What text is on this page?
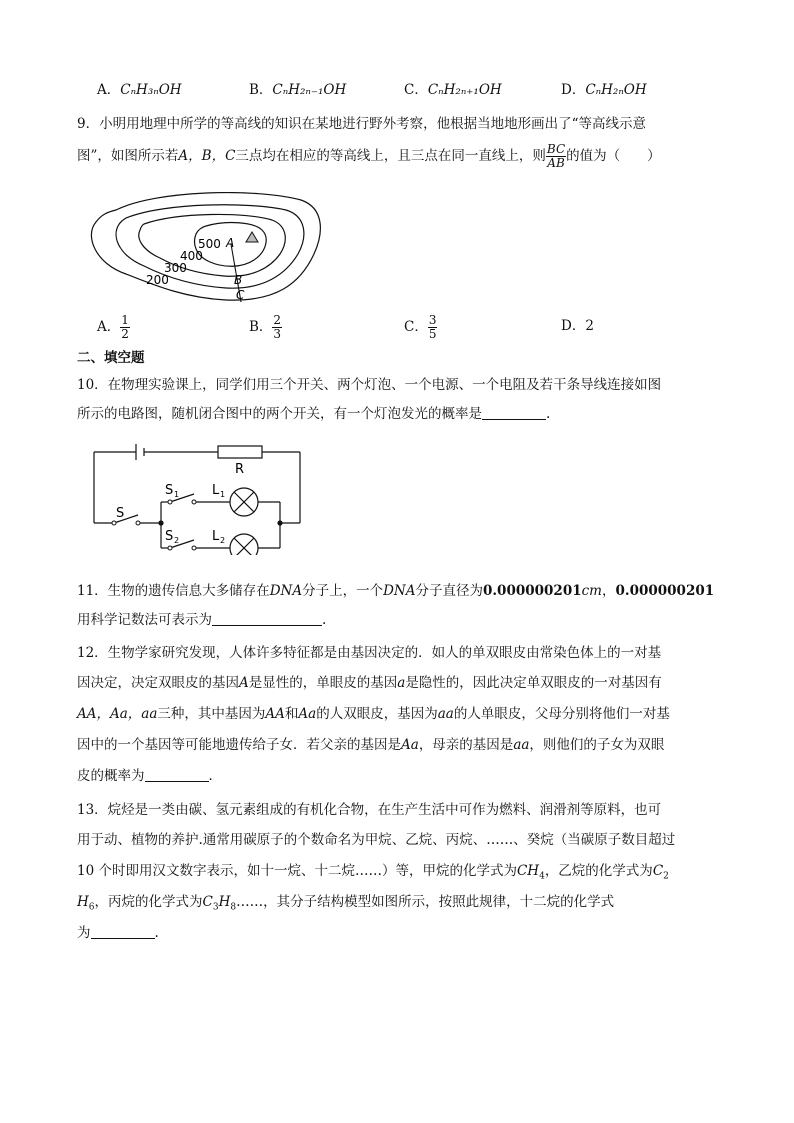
A．CₙH₃ₙOH	B．CₙH₂ₙ₋₁OH	C．CₙH₂ₙ₊₁OH	D．CₙH₂ₙOH
9．小明用地理中所学的等高线的知识在某地进行野外考察，他根据当地地形画出了“等高线示意
图”，如图所示若A，B，C三点均在相应的等高线上，且三点在同一直线上，则 $\frac{BC}{AB}$ 的值为（　　）
500
400
300
200
A
B
C
A． $\frac{1}{2}$	B． $\frac{2}{3}$	C． $\frac{3}{5}$	D．2
二、填空题
10．在物理实验课上，同学们用三个开关、两个灯泡、一个电源、一个电阻及若干条导线连接如图
所示的电路图，随机闭合图中的两个开关，有一个灯泡发光的概率是	.
R
S
S 1	L 1
S 2	L 2
11．生物的遗传信息大多储存在DNA分子上，一个DNA分子直径为0.000000201cm，0.000000201
用科学记数法可表示为	.
12．生物学家研究发现，人体许多特征都是由基因决定的．如人的单双眼皮由常染色体上的一对基
因决定，决定双眼皮的基因A是显性的，单眼皮的基因a是隐性的，因此决定单双眼皮的一对基因有
AA，Aa，aa三种，其中基因为AA和Aa的人双眼皮，基因为aa的人单眼皮，父母分别将他们一对基
因中的一个基因等可能地遗传给子女．若父亲的基因是Aa，母亲的基因是aa，则他们的子女为双眼
皮的概率为	．
13．烷烃是一类由碳、氢元素组成的有机化合物，在生产生活中可作为燃料、润滑剂等原料，也可
用于动、植物的养护.通常用碳原子的个数命名为甲烷、乙烷、丙烷、……、癸烷（当碳原子数目超过
10 个时即用汉文数字表示，如十一烷、十二烷……）等，甲烷的化学式为$CH_4$，乙烷的化学式为$C_2$
$H_6$，丙烷的化学式为$C_3H_8\dots\dots$，其分子结构模型如图所示，按照此规律，十二烷的化学式
为	.
